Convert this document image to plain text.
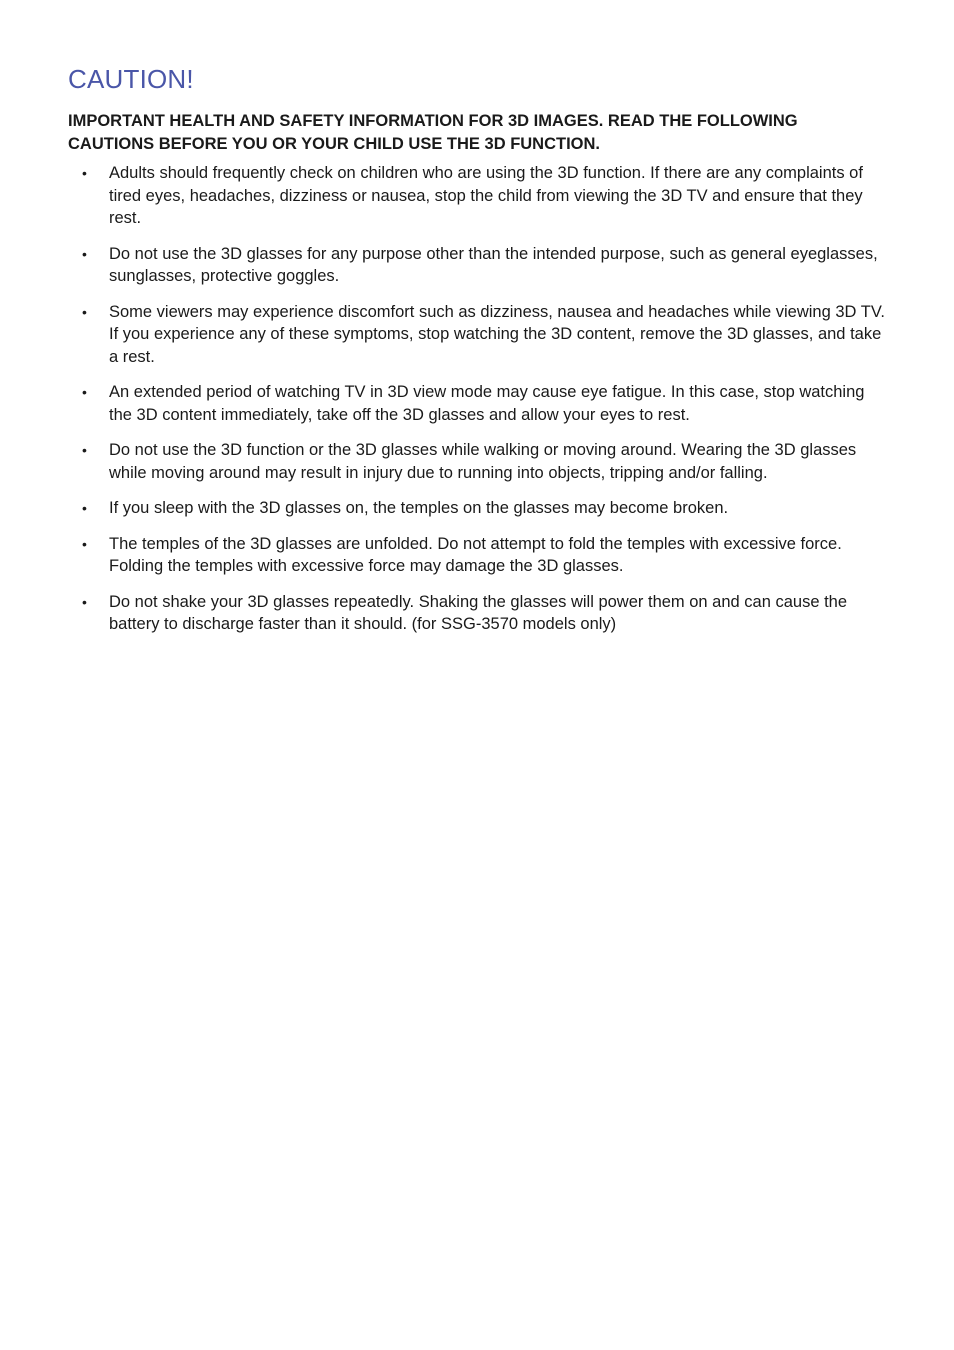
CAUTION!

IMPORTANT HEALTH AND SAFETY INFORMATION FOR 3D IMAGES. READ THE FOLLOWING CAUTIONS BEFORE YOU OR YOUR CHILD USE THE 3D FUNCTION.

• Adults should frequently check on children who are using the 3D function. If there are any complaints of tired eyes, headaches, dizziness or nausea, stop the child from viewing the 3D TV and ensure that they rest.
• Do not use the 3D glasses for any purpose other than the intended purpose, such as general eyeglasses, sunglasses, protective goggles.
• Some viewers may experience discomfort such as dizziness, nausea and headaches while viewing 3D TV. If you experience any of these symptoms, stop watching the 3D content, remove the 3D glasses, and take a rest.
• An extended period of watching TV in 3D view mode may cause eye fatigue. In this case, stop watching the 3D content immediately, take off the 3D glasses and allow your eyes to rest.
• Do not use the 3D function or the 3D glasses while walking or moving around. Wearing the 3D glasses while moving around may result in injury due to running into objects, tripping and/or falling.
• If you sleep with the 3D glasses on, the temples on the glasses may become broken.
• The temples of the 3D glasses are unfolded. Do not attempt to fold the temples with excessive force. Folding the temples with excessive force may damage the 3D glasses.
• Do not shake your 3D glasses repeatedly. Shaking the glasses will power them on and can cause the battery to discharge faster than it should. (for SSG-3570 models only)
